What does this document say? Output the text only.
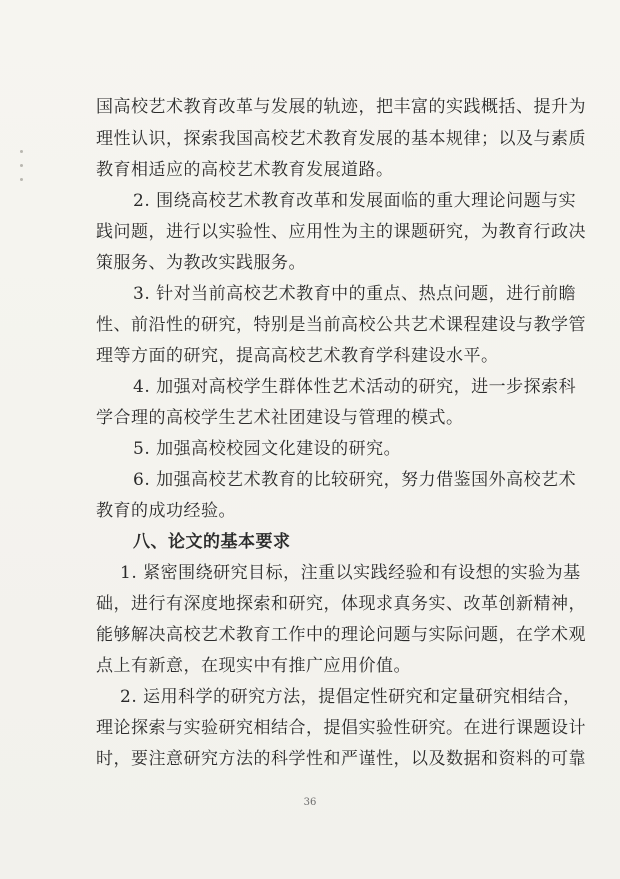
国高校艺术教育改革与发展的轨迹，把丰富的实践概括、提升为
理性认识，探索我国高校艺术教育发展的基本规律；以及与素质
教育相适应的高校艺术教育发展道路。
2. 围绕高校艺术教育改革和发展面临的重大理论问题与实
践问题，进行以实验性、应用性为主的课题研究，为教育行政决
策服务、为教改实践服务。
3. 针对当前高校艺术教育中的重点、热点问题，进行前瞻
性、前沿性的研究，特别是当前高校公共艺术课程建设与教学管
理等方面的研究，提高高校艺术教育学科建设水平。
4. 加强对高校学生群体性艺术活动的研究，进一步探索科
学合理的高校学生艺术社团建设与管理的模式。
5. 加强高校校园文化建设的研究。
6. 加强高校艺术教育的比较研究，努力借鉴国外高校艺术
教育的成功经验。
八、论文的基本要求
1. 紧密围绕研究目标，注重以实践经验和有设想的实验为基
础，进行有深度地探索和研究，体现求真务实、改革创新精神，
能够解决高校艺术教育工作中的理论问题与实际问题，在学术观
点上有新意，在现实中有推广应用价值。
2. 运用科学的研究方法，提倡定性研究和定量研究相结合，
理论探索与实验研究相结合，提倡实验性研究。在进行课题设计
时，要注意研究方法的科学性和严谨性，以及数据和资料的可靠
36
